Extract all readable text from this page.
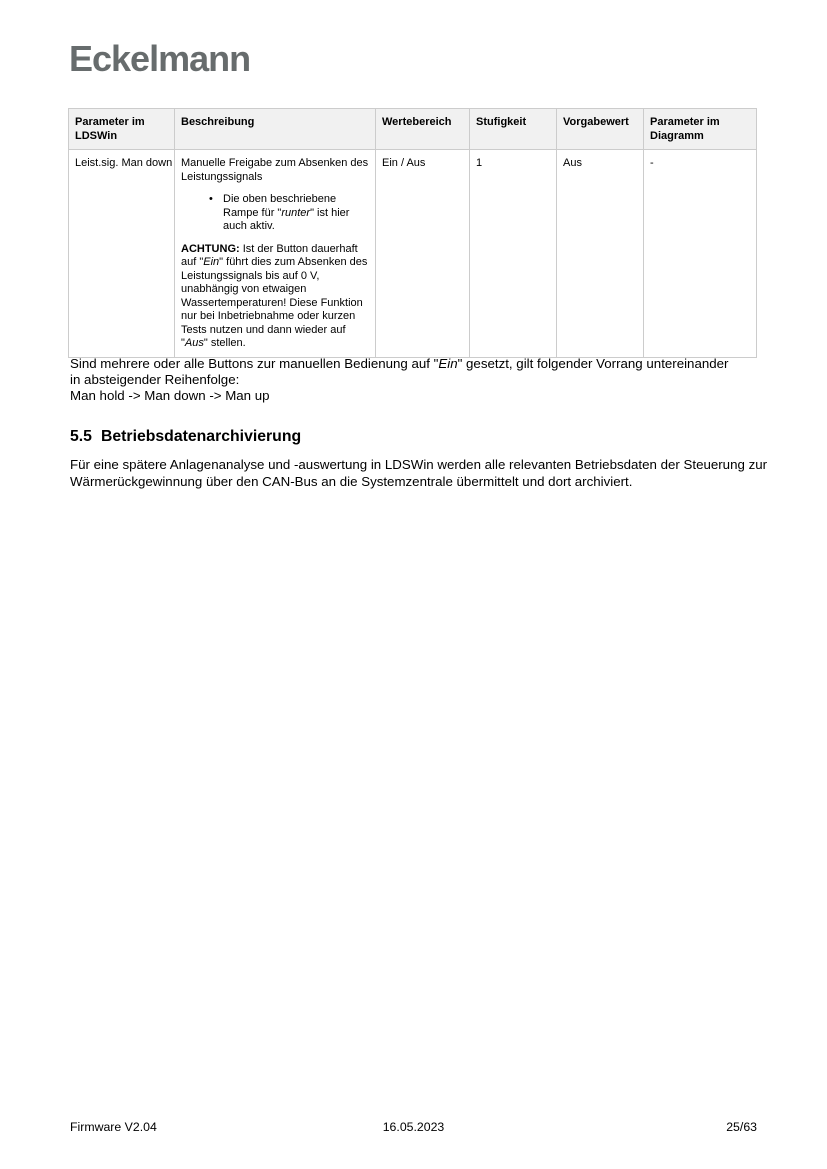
Eckelmann
Parameter im LDSWin	Beschreibung	Wertebereich	Stufigkeit	Vorgabewert	Parameter im Diagramm
Leist.sig. Man down	Manuelle Freigabe zum Absenken des Leistungssignals
• Die oben beschriebene Rampe für "runter" ist hier auch aktiv.
ACHTUNG: Ist der Button dauerhaft auf "Ein" führt dies zum Absenken des Leistungssignals bis auf 0 V, unabhängig von etwaigen Wassertemperaturen! Diese Funktion nur bei Inbetriebnahme oder kurzen Tests nutzen und dann wieder auf "Aus" stellen.	Ein / Aus	1	Aus	-
Sind mehrere oder alle Buttons zur manuellen Bedienung auf "Ein" gesetzt, gilt folgender Vorrang untereinander in absteigender Reihenfolge:
Man hold -> Man down -> Man up
5.5 Betriebsdatenarchivierung

Für eine spätere Anlagenanalyse und -auswertung in LDSWin werden alle relevanten Betriebsdaten der Steuerung zur Wärmerückgewinnung über den CAN-Bus an die Systemzentrale übermittelt und dort archiviert.

Firmware V2.04	16.05.2023	25/63
